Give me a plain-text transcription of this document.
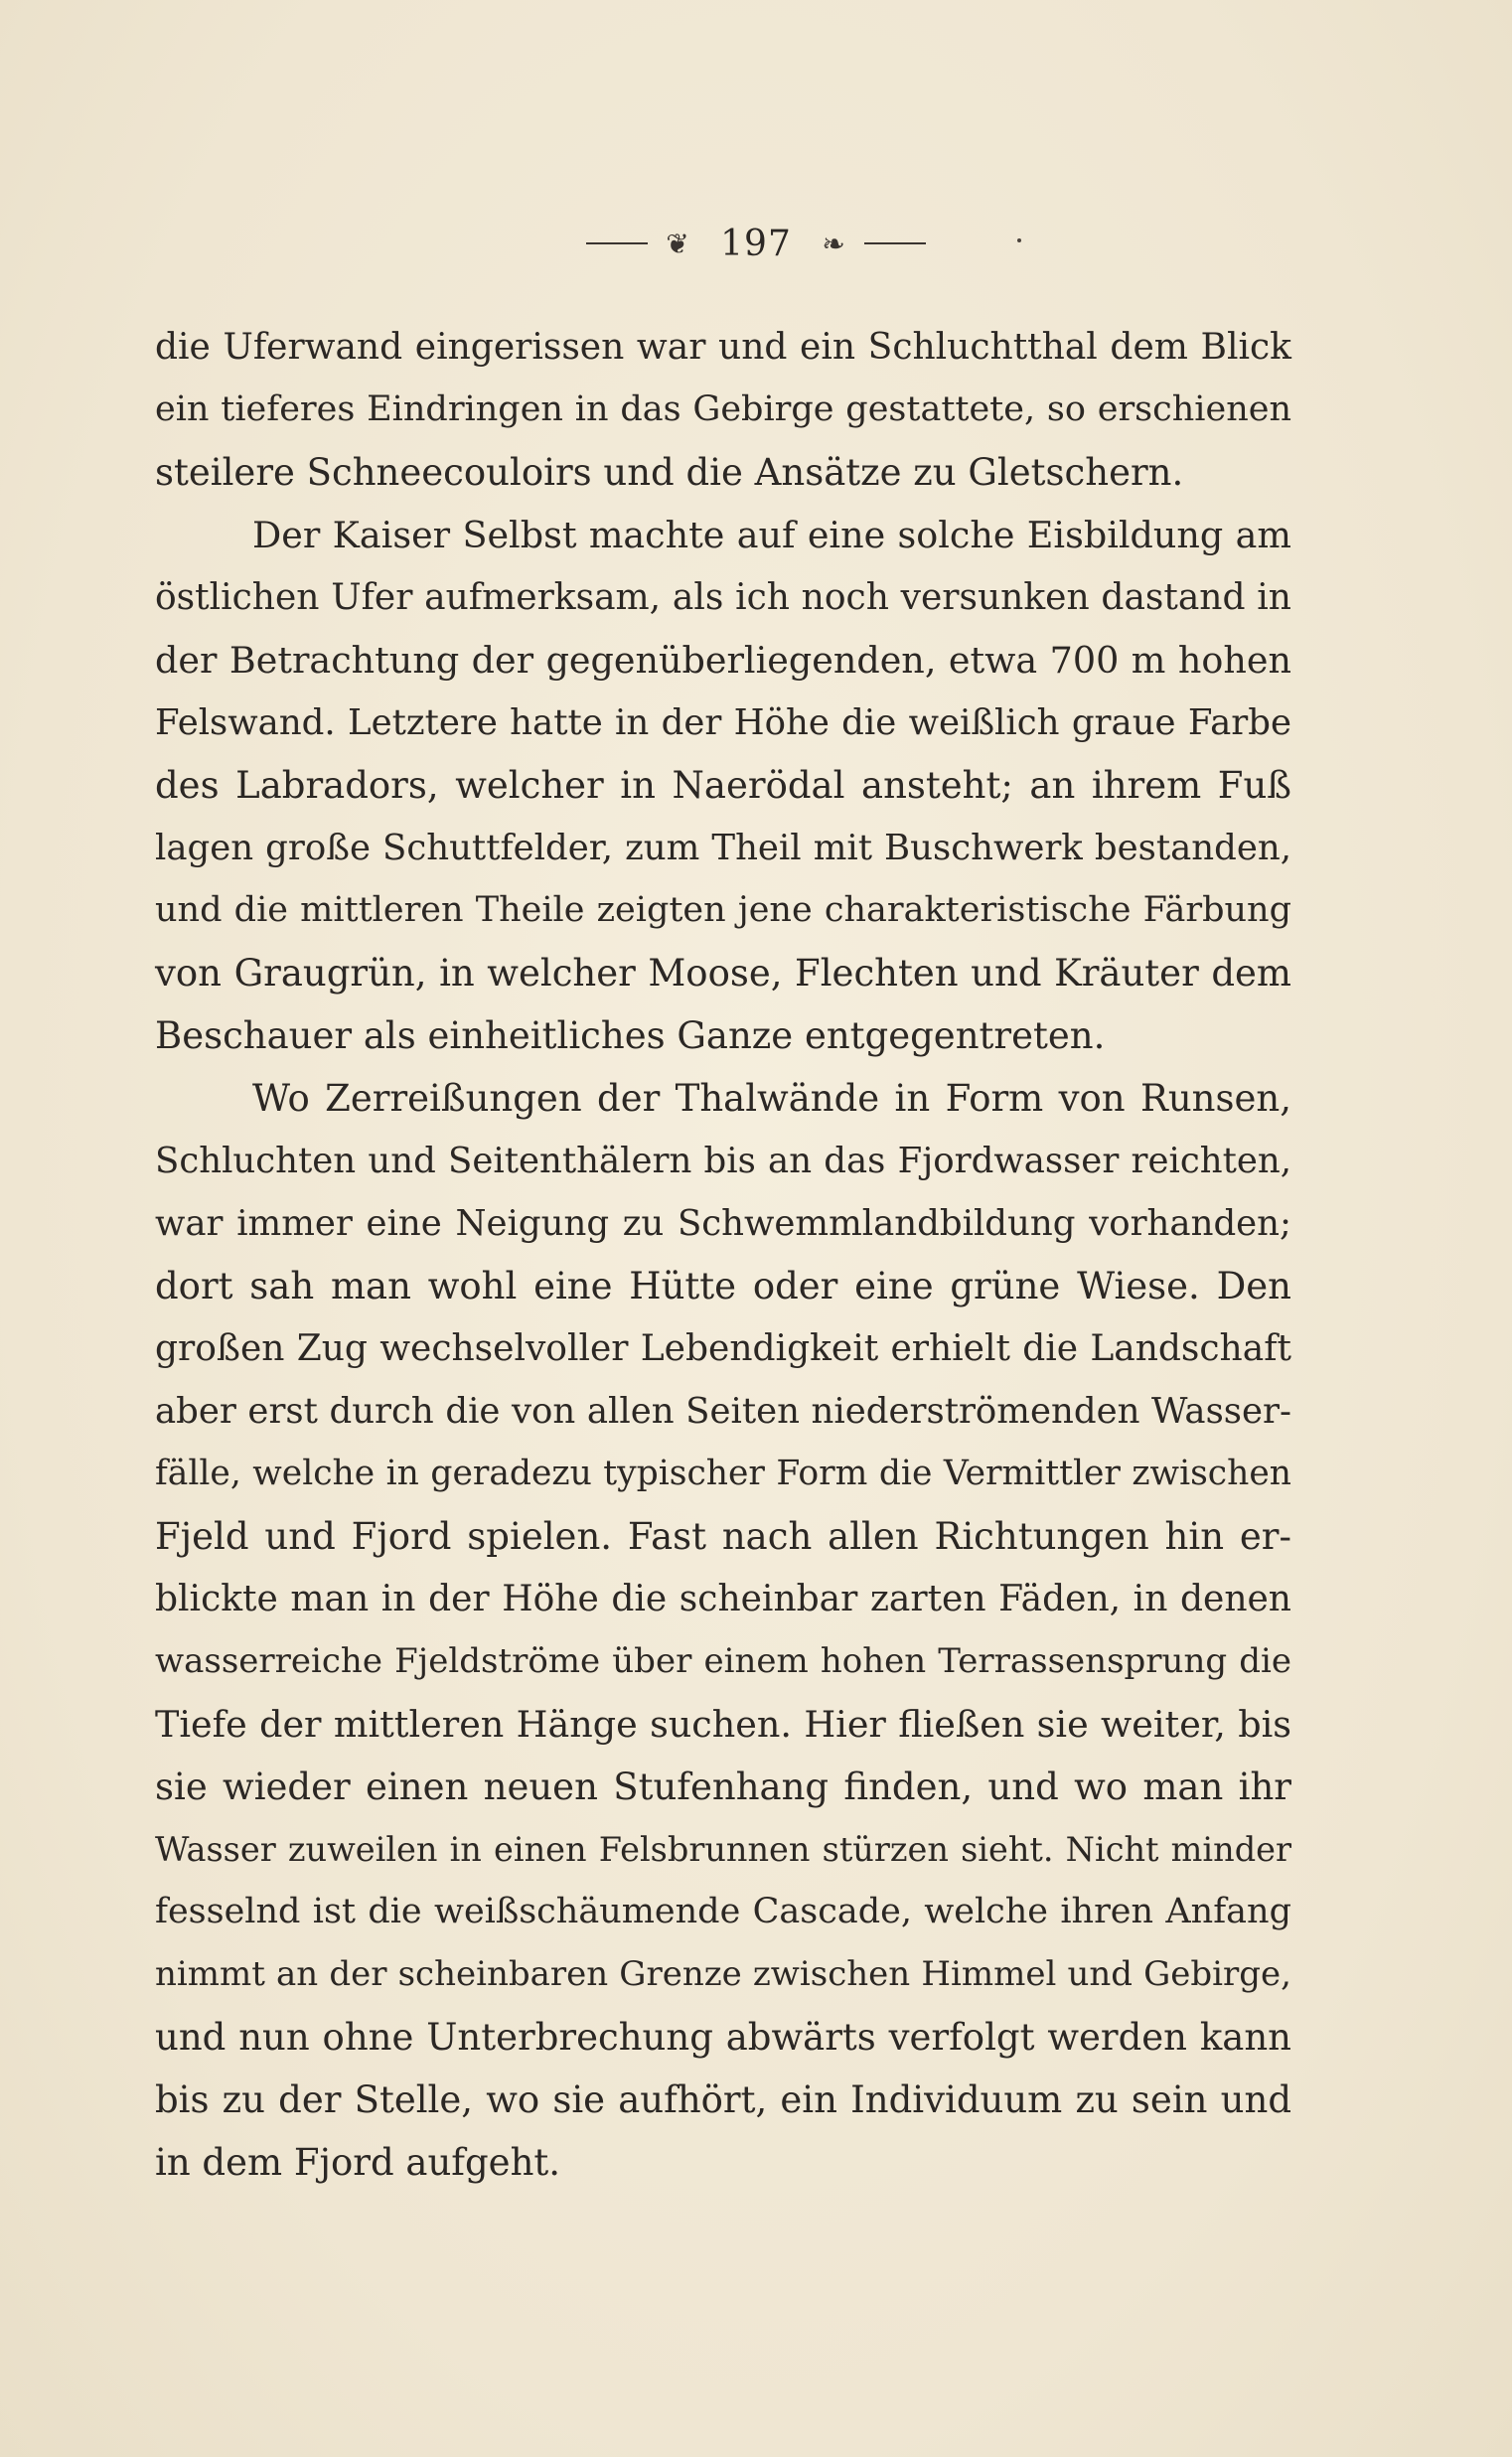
❦ 197 ❧
die Uferwand eingerissen war und ein Schluchtthal dem Blick
ein tieferes Eindringen in das Gebirge gestattete, so erschienen
steilere Schneecouloirs und die Ansätze zu Gletschern.
Der Kaiser Selbst machte auf eine solche Eisbildung am
östlichen Ufer aufmerksam, als ich noch versunken dastand in
der Betrachtung der gegenüberliegenden, etwa 700 m hohen
Felswand. Letztere hatte in der Höhe die weißlich graue Farbe
des Labradors, welcher in Naerödal ansteht; an ihrem Fuß
lagen große Schuttfelder, zum Theil mit Buschwerk bestanden,
und die mittleren Theile zeigten jene charakteristische Färbung
von Graugrün, in welcher Moose, Flechten und Kräuter dem
Beschauer als einheitliches Ganze entgegentreten.
Wo Zerreißungen der Thalwände in Form von Runsen,
Schluchten und Seitenthälern bis an das Fjordwasser reichten,
war immer eine Neigung zu Schwemmlandbildung vorhanden;
dort sah man wohl eine Hütte oder eine grüne Wiese. Den
großen Zug wechselvoller Lebendigkeit erhielt die Landschaft
aber erst durch die von allen Seiten niederströmenden Wasser-
fälle, welche in geradezu typischer Form die Vermittler zwischen
Fjeld und Fjord spielen. Fast nach allen Richtungen hin er-
blickte man in der Höhe die scheinbar zarten Fäden, in denen
wasserreiche Fjeldströme über einem hohen Terrassensprung die
Tiefe der mittleren Hänge suchen. Hier fließen sie weiter, bis
sie wieder einen neuen Stufenhang finden, und wo man ihr
Wasser zuweilen in einen Felsbrunnen stürzen sieht. Nicht minder
fesselnd ist die weißschäumende Cascade, welche ihren Anfang
nimmt an der scheinbaren Grenze zwischen Himmel und Gebirge,
und nun ohne Unterbrechung abwärts verfolgt werden kann
bis zu der Stelle, wo sie aufhört, ein Individuum zu sein und
in dem Fjord aufgeht.
